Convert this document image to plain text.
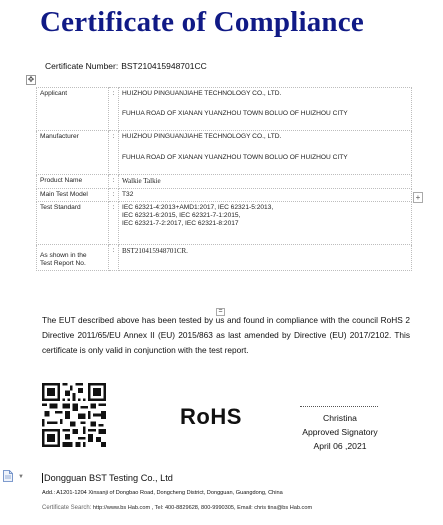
Certificate of Compliance
Certificate Number: BST210415948701CC
✥
Applicant	:	HUIZHOU PINGUANJIAHE TECHNOLOGY CO., LTD.

FUHUA ROAD OF XIANAN YUANZHOU TOWN BOLUO OF HUIZHOU CITY

Manufacturer	:	HUIZHOU PINGUANJIAHE TECHNOLOGY CO., LTD.

FUHUA ROAD OF XIANAN YUANZHOU TOWN BOLUO OF HUIZHOU CITY

Product Name	:	Walkie Talkie
Main Test Model	:	T32
Test Standard	:	IEC 62321-4:2013+AMD1:2017, IEC 62321-5:2013,

IEC 62321-6:2015, IEC 62321-7-1:2015,

IEC 62321-7-2:2017, IEC 62321-8:2017

As shown in the

Test Report No.	:	BST210415948701CR.
+
=
The EUT described above has been tested by us and found in compliance with the council RoHS 2 Directive 2011/65/EU Annex II (EU) 2015/863 as last amended by Directive (EU) 2017/2102. This certificate is only valid in conjunction with the test report.
RoHS	Christina
Approved Signatory
April 06 ,2021
▼ Dongguan BST Testing Co., Ltd
Add.: A1201-1204 Xinsanji of Dongbao Road, Dongcheng District, Dongguan, Guangdong, China
Certificate Search: http://www.bs Hab.com , Tel: 400-8829628, 800-9990305, Email: chris tina@bs Hab.com
